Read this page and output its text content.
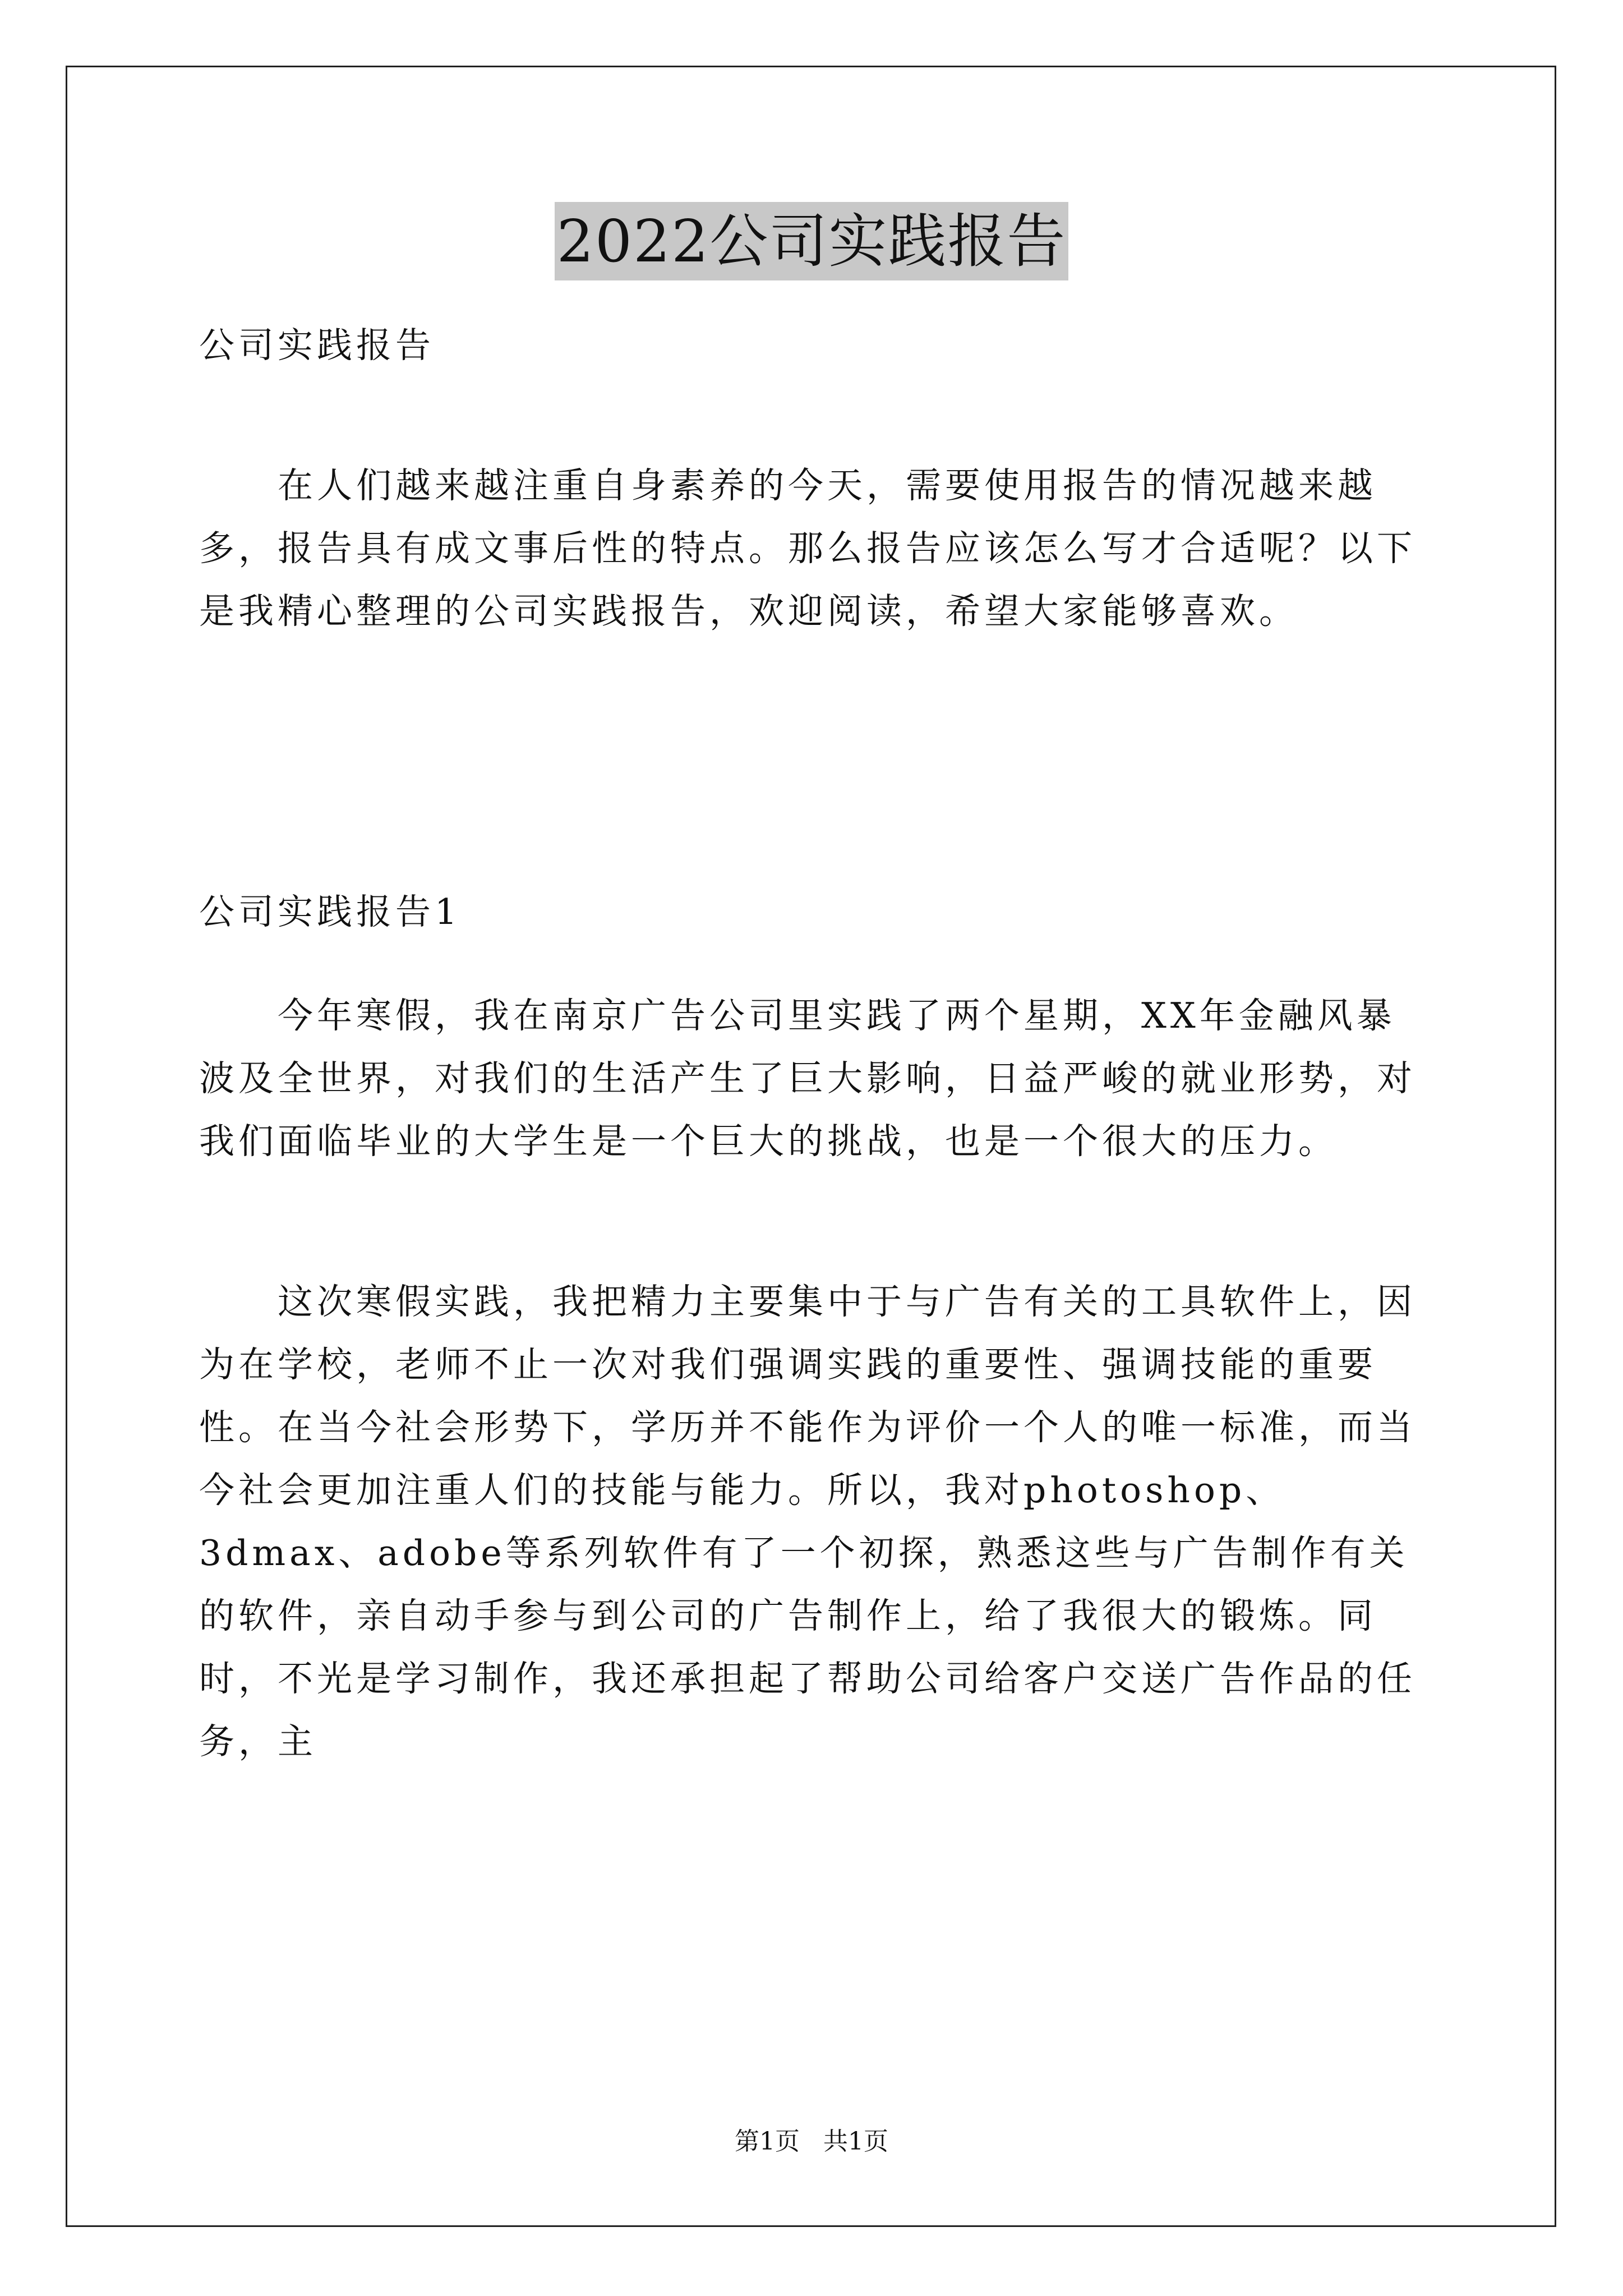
2022公司实践报告

公司实践报告

在人们越来越注重自身素养的今天，需要使用报告的情况越来越多，报告具有成文事后性的特点。那么报告应该怎么写才合适呢？以下是我精心整理的公司实践报告，欢迎阅读，希望大家能够喜欢。

公司实践报告1

今年寒假，我在南京广告公司里实践了两个星期，XX年金融风暴波及全世界，对我们的生活产生了巨大影响，日益严峻的就业形势，对我们面临毕业的大学生是一个巨大的挑战，也是一个很大的压力。

这次寒假实践，我把精力主要集中于与广告有关的工具软件上，因为在学校，老师不止一次对我们强调实践的重要性、强调技能的重要性。在当今社会形势下，学历并不能作为评价一个人的唯一标准，而当今社会更加注重人们的技能与能力。所以，我对photoshop、3dmax、adobe等系列软件有了一个初探，熟悉这些与广告制作有关的软件，亲自动手参与到公司的广告制作上，给了我很大的锻炼。同时，不光是学习制作，我还承担起了帮助公司给客户交送广告作品的任务，主

第1页 共1页
